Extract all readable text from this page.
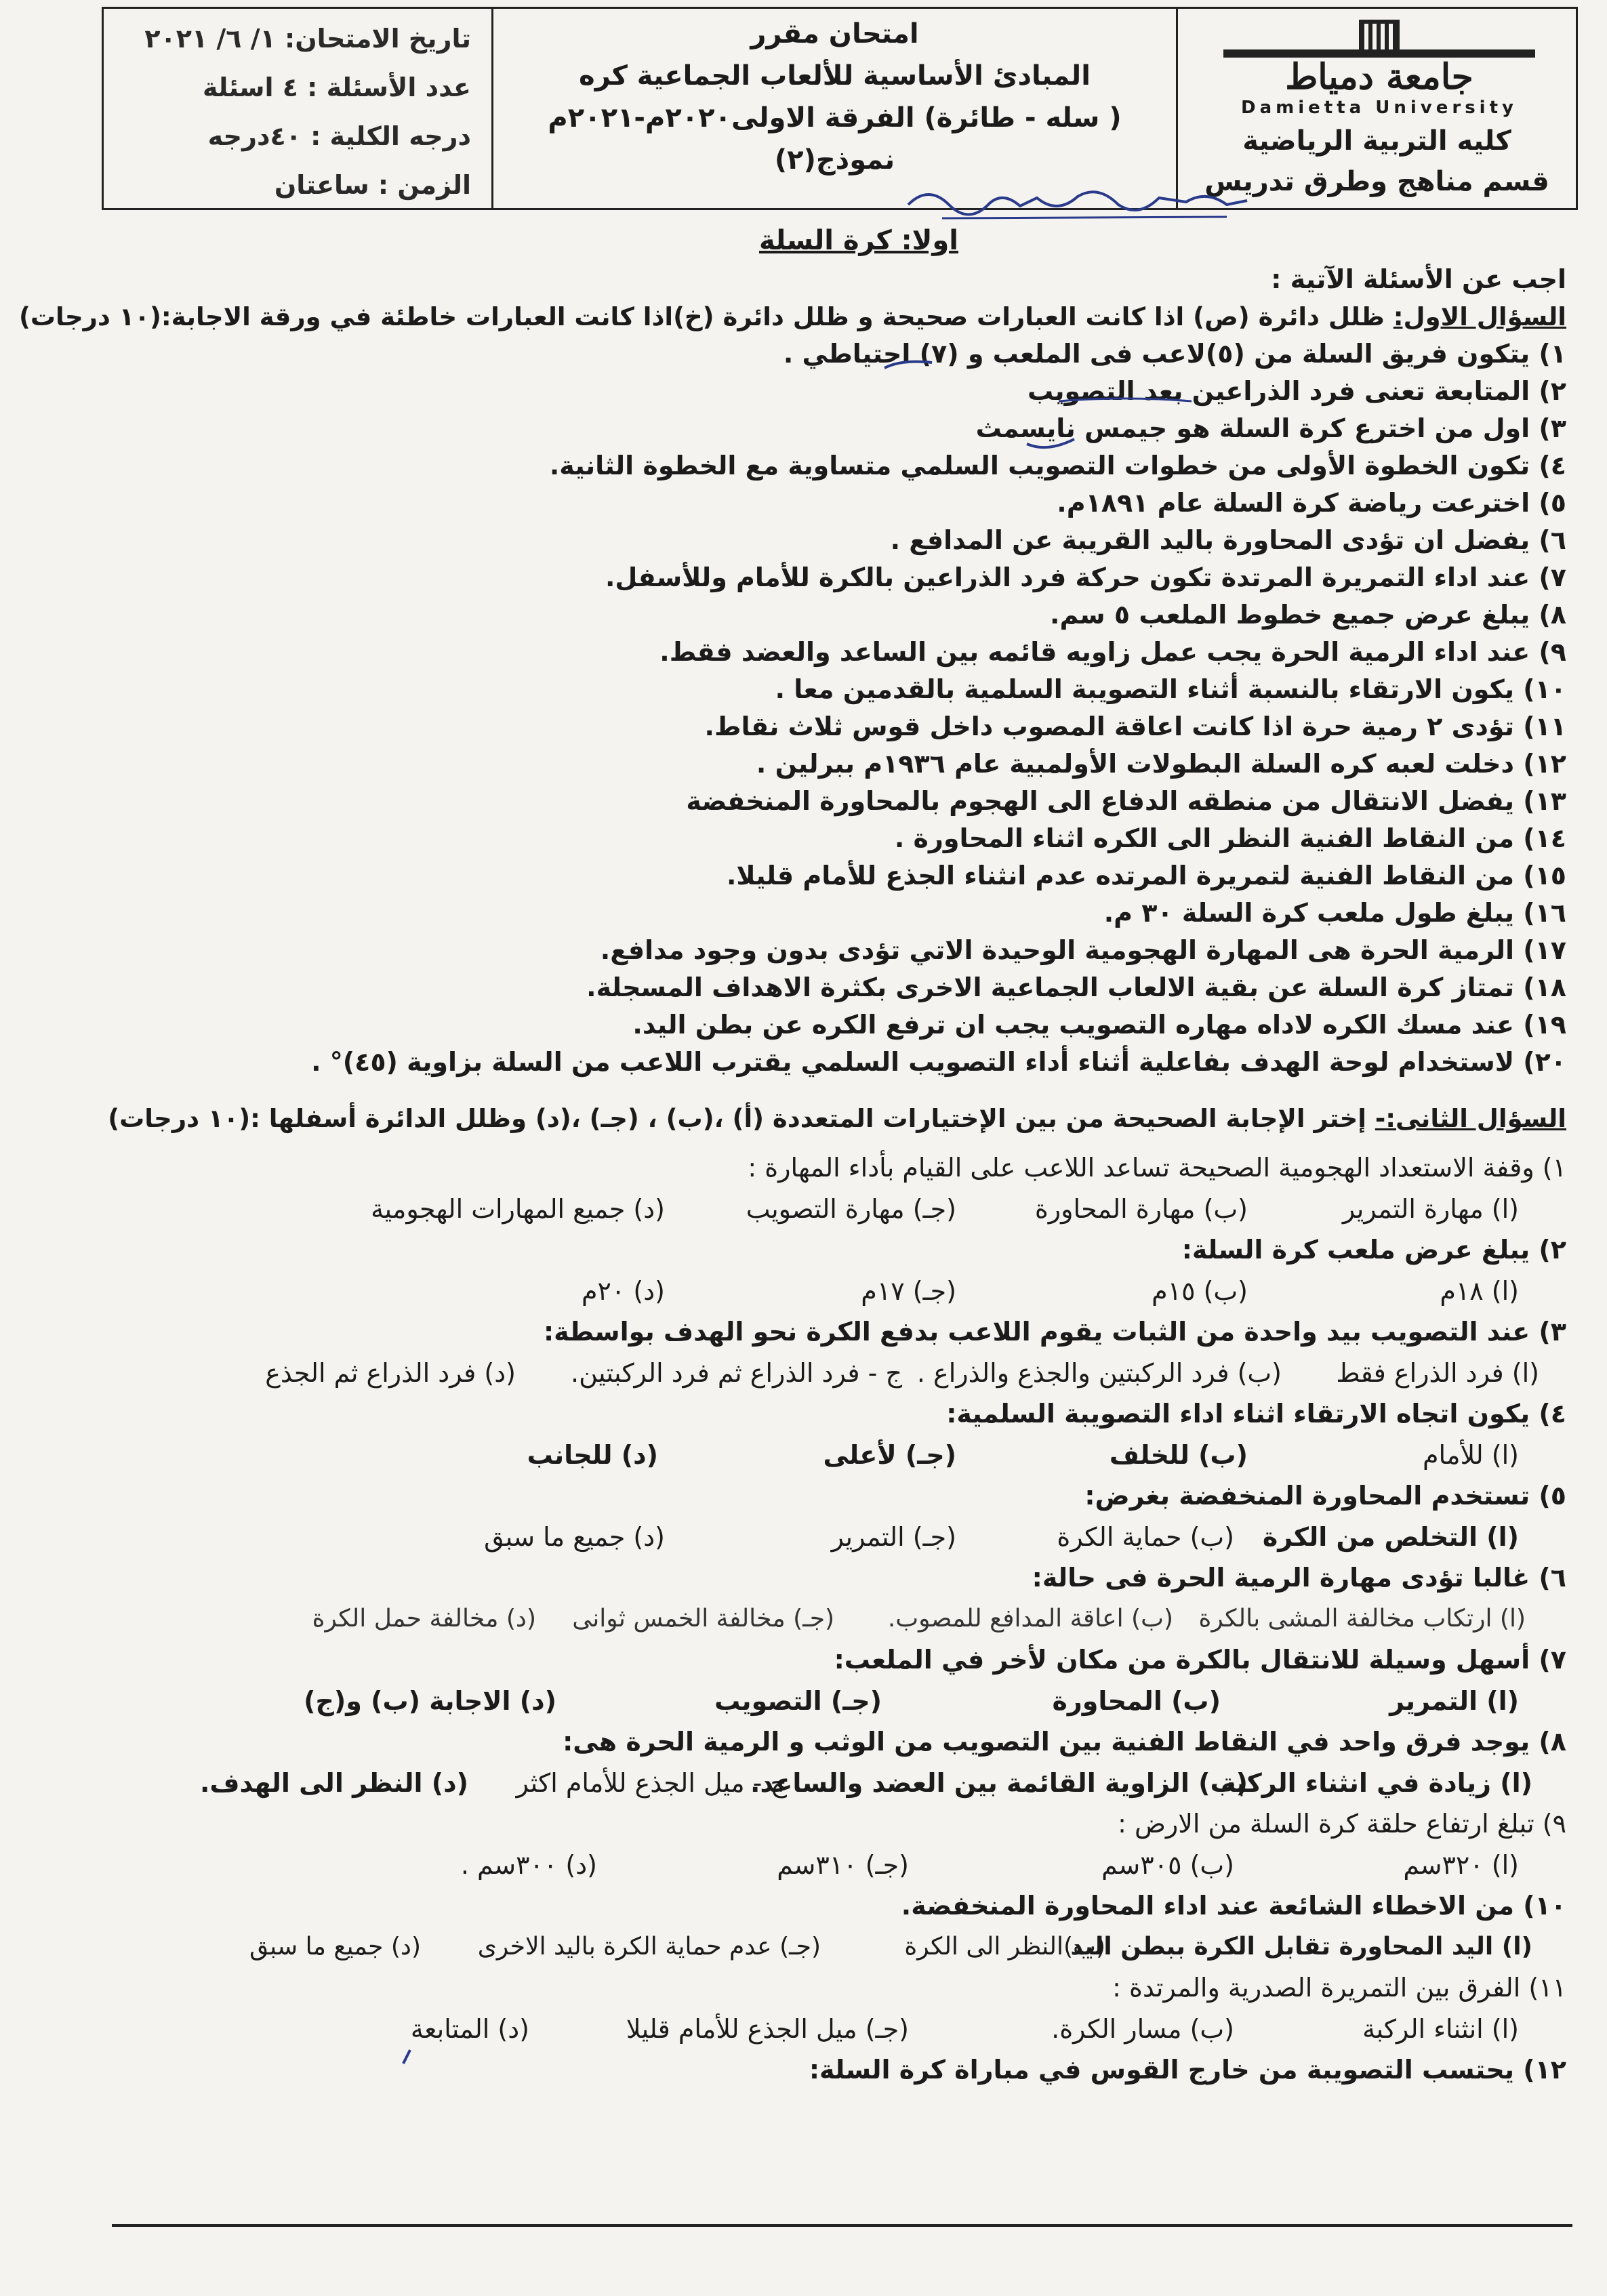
جامعة دمياط
Damietta University
كليه التربية الرياضية
قسم مناهج وطرق تدريس
امتحان مقرر
المبادئ الأساسية للألعاب الجماعية كره
( سله - طائرة) الفرقة الاولى٢٠٢٠م-٢٠٢١م
نموذج(٢)
تاريخ الامتحان: ١/ ٦/ ٢٠٢١
عدد الأسئلة : ٤ اسئلة
درجه الكلية : ٤٠درجه
الزمن : ساعتان
اولا: كرة السلة
اجب عن الأسئلة الآتية :
السؤال الاول: ظلل دائرة (ص) اذا كانت العبارات صحيحة و ظلل دائرة (خ)اذا كانت العبارات خاطئة في ورقة الاجابة:(١٠ درجات)
١) يتكون فريق السلة من (٥)لاعب فى الملعب و (٧) احتياطي .
٢) المتابعة تعنى فرد الذراعين بعد التصويب
٣) اول من اخترع كرة السلة هو جيمس نايسمث
٤) تكون الخطوة الأولى من خطوات التصويب السلمي متساوية مع الخطوة الثانية.
٥) اخترعت رياضة كرة السلة عام ١٨٩١م.
٦) يفضل ان تؤدى المحاورة باليد القريبة عن المدافع .
٧) عند اداء التمريرة المرتدة تكون حركة فرد الذراعين بالكرة للأمام وللأسفل.
٨) يبلغ عرض جميع خطوط الملعب ٥ سم.
٩) عند اداء الرمية الحرة يجب عمل زاويه قائمه بين الساعد والعضد فقط.
١٠) يكون الارتقاء بالنسبة أثناء التصويبة السلمية بالقدمين معا .
١١) تؤدى ٢ رمية حرة اذا كانت اعاقة المصوب داخل قوس ثلاث نقاط.
١٢) دخلت لعبه كره السلة البطولات الأولمبية عام ١٩٣٦م ببرلين .
١٣) يفضل الانتقال من منطقه الدفاع الى الهجوم بالمحاورة المنخفضة
١٤) من النقاط الفنية النظر الى الكره اثناء المحاورة .
١٥) من النقاط الفنية لتمريرة المرتده عدم انثناء الجذع للأمام قليلا.
١٦) يبلغ طول ملعب كرة السلة ٣٠ م.
١٧) الرمية الحرة هى المهارة الهجومية الوحيدة الاتي تؤدى بدون وجود مدافع.
١٨) تمتاز كرة السلة عن بقية الالعاب الجماعية الاخرى بكثرة الاهداف المسجلة.
١٩) عند مسك الكره لاداه مهاره التصويب يجب ان ترفع الكره عن بطن اليد.
٢٠) لاستخدام لوحة الهدف بفاعلية أثناء أداء التصويب السلمي يقترب اللاعب من السلة بزاوية (٤٥)° .
السؤال الثانى:- إختر الإجابة الصحيحة من بين الإختيارات المتعددة (أ) ،(ب) ، (جـ) ،(د) وظلل الدائرة أسفلها :(١٠ درجات)
١) وقفة الاستعداد الهجومية الصحيحة تساعد اللاعب على القيام بأداء المهارة :
(ا) مهارة التمرير
(ب) مهارة المحاورة
(جـ) مهارة التصويب
(د) جميع المهارات الهجومية
٢) يبلغ عرض ملعب كرة السلة:
(ا) ١٨م
(ب) ١٥م
(جـ) ١٧م
(د) ٢٠م
٣) عند التصويب بيد واحدة من الثبات يقوم اللاعب بدفع الكرة نحو الهدف بواسطة:
(ا) فرد الذراع فقط
(ب) فرد الركبتين والجذع والذراع .
ج - فرد الذراع ثم فرد الركبتين.
(د) فرد الذراع ثم الجذع
٤) يكون اتجاه الارتقاء اثناء اداء التصويبة السلمية:
(ا) للأمام
(ب) للخلف
(جـ) لأعلى
(د) للجانب
٥) تستخدم المحاورة المنخفضة بغرض:
(ا) التخلص من الكرة
(ب) حماية الكرة
(جـ) التمرير
(د) جميع ما سبق
٦) غالبا تؤدى مهارة الرمية الحرة فى حالة:
(ا) ارتكاب مخالفة المشى بالكرة
(ب) اعاقة المدافع للمصوب.
(جـ) مخالفة الخمس ثوانى
(د) مخالفة حمل الكرة
٧) أسهل وسيلة للانتقال بالكرة من مكان لأخر في الملعب:
(ا) التمرير
(ب) المحاورة
(جـ) التصويب
(د) الاجابة (ب) و(ج)
٨) يوجد فرق واحد في النقاط الفنية بين التصويب من الوثب و الرمية الحرة هى:
(ا) زيادة في انثناء الركبة
(ب) الزاوية القائمة بين العضد والساعد.
ج - ميل الجذع للأمام اكثر
(د) النظر الى الهدف.
٩) تبلغ ارتفاع حلقة كرة السلة من الارض :
(ا) ٣٢٠سم
(ب) ٣٠٥سم
(جـ) ٣١٠سم
(د) ٣٠٠سم .
١٠) من الاخطاء الشائعة عند اداء المحاورة المنخفضة.
(ا) اليد المحاورة تقابل الكرة ببطن اليد
(ب)النظر الى الكرة
(جـ) عدم حماية الكرة باليد الاخرى
(د) جميع ما سبق
١١) الفرق بين التمريرة الصدرية والمرتدة :
(ا) انثناء الركبة
(ب) مسار الكرة.
(جـ) ميل الجذع للأمام قليلا
(د) المتابعة
١٢) يحتسب التصويبة من خارج القوس في مباراة كرة السلة:
